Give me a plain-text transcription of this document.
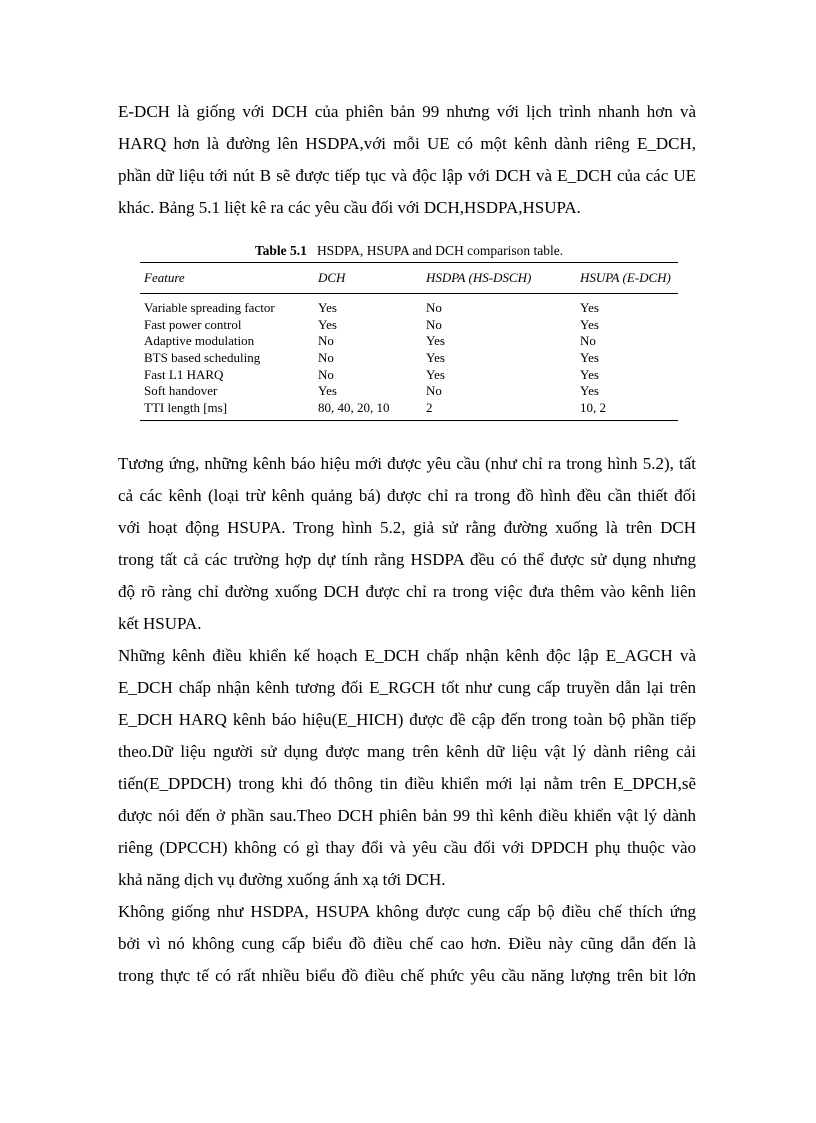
E-DCH là giống với DCH của phiên bản 99 nhưng với lịch trình nhanh hơn và
HARQ hơn là đường lên HSDPA,với mỗi UE có một kênh dành riêng E_DCH,
phần dữ liệu tới nút B sẽ được tiếp tục và độc lập với DCH và E_DCH của các UE
khác. Bảng 5.1 liệt kê ra các yêu cầu đối với DCH,HSDPA,HSUPA.
Table 5.1 HSDPA, HSUPA and DCH comparison table.
Feature	DCH	HSDPA (HS-DSCH)	HSUPA (E-DCH)
Variable spreading factor	Yes	No	Yes
Fast power control	Yes	No	Yes
Adaptive modulation	No	Yes	No
BTS based scheduling	No	Yes	Yes
Fast L1 HARQ	No	Yes	Yes
Soft handover	Yes	No	Yes
TTI length [ms]	80, 40, 20, 10	2	10, 2
Tương ứng, những kênh báo hiệu mới được yêu cầu (như chỉ ra trong hình 5.2), tất
cả các kênh (loại trừ kênh quảng bá) được chỉ ra trong đồ hình đều cần thiết đối
với hoạt động HSUPA. Trong hình 5.2, giả sử rằng đường xuống là trên DCH
trong tất cả các trường hợp dự tính rằng HSDPA đều có thể được sử dụng nhưng
độ rõ ràng chỉ đường xuống DCH được chỉ ra trong việc đưa thêm vào kênh liên
kết HSUPA.
Những kênh điều khiển kế hoạch E_DCH chấp nhận kênh độc lập E_AGCH và
E_DCH chấp nhận kênh tương đối E_RGCH tốt như cung cấp truyền dẫn lại trên
E_DCH HARQ kênh báo hiệu(E_HICH) được đề cập đến trong toàn bộ phần tiếp
theo.Dữ liệu người sử dụng được mang trên kênh dữ liệu vật lý dành riêng cải
tiến(E_DPDCH) trong khi đó thông tin điều khiển mới lại nằm trên E_DPCH,sẽ
được nói đến ở phần sau.Theo DCH phiên bản 99 thì kênh điều khiển vật lý dành
riêng (DPCCH) không có gì thay đổi và yêu cầu đối với DPDCH phụ thuộc vào
khả năng dịch vụ đường xuống ánh xạ tới DCH.
Không giống như HSDPA, HSUPA không được cung cấp bộ điều chế thích ứng
bởi vì nó không cung cấp biểu đồ điều chế cao hơn. Điều này cũng dẫn đến là
trong thực tế có rất nhiều biểu đồ điều chế phức yêu cầu năng lượng trên bit lớn
